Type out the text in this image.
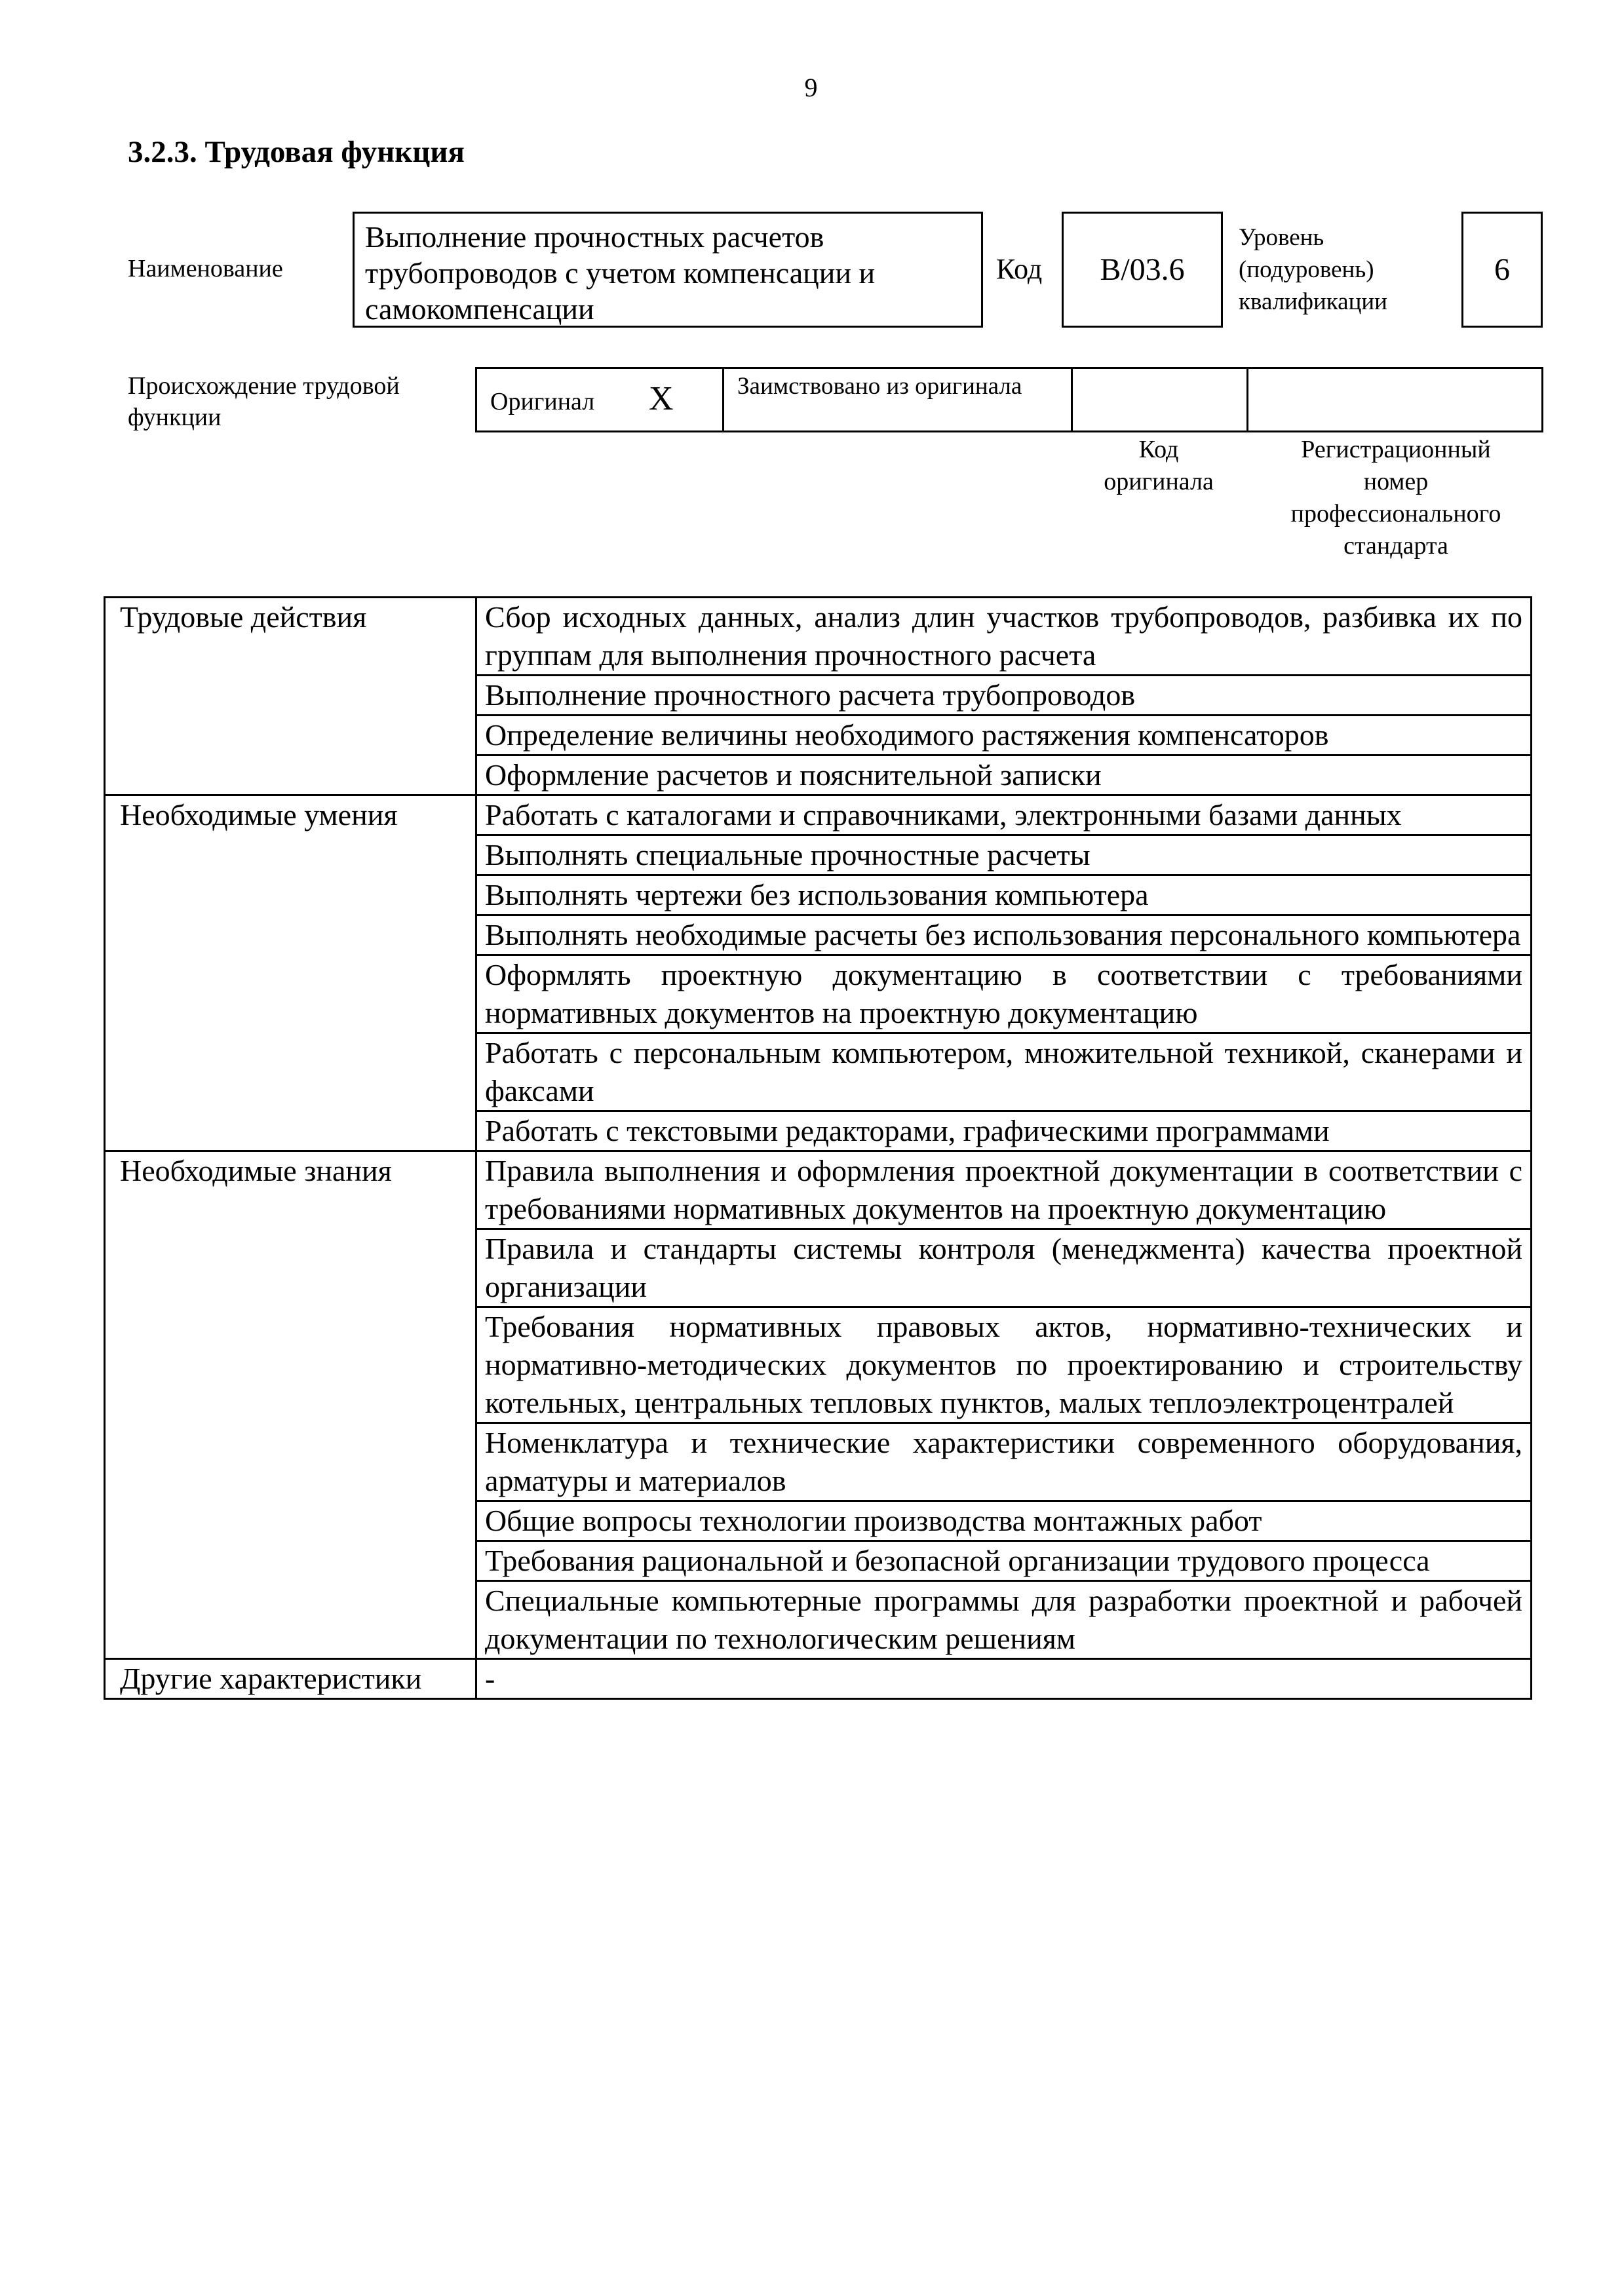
9
3.2.3. Трудовая функция
Наименование
Выполнение прочностных расчетов трубопроводов с учетом компенсации и самокомпенсации
Код	В/03.6
Уровень
(подуровень)
квалификации
6
Происхождение трудовой функции
Оригинал X	Заимствовано из оригинала
Код
оригинала
Регистрационный
номер
профессионального
стандарта
Трудовые действия	Сбор исходных данных, анализ длин участков трубопроводов, разбивка их по группам для выполнения прочностного расчета
	Выполнение прочностного расчета трубопроводов
	Определение величины необходимого растяжения компенсаторов
	Оформление расчетов и пояснительной записки
Необходимые умения	Работать с каталогами и справочниками, электронными базами данных
	Выполнять специальные прочностные расчеты
	Выполнять чертежи без использования компьютера
	Выполнять необходимые расчеты без использования персонального компьютера
	Оформлять проектную документацию в соответствии с требованиями нормативных документов на проектную документацию
	Работать с персональным компьютером, множительной техникой, сканерами и факсами
	Работать с текстовыми редакторами, графическими программами
Необходимые знания	Правила выполнения и оформления проектной документации в соответствии с требованиями нормативных документов на проектную документацию
	Правила и стандарты системы контроля (менеджмента) качества проектной организации
	Требования нормативных правовых актов, нормативно-технических и нормативно-методических документов по проектированию и строительству котельных, центральных тепловых пунктов, малых теплоэлектроцентралей
	Номенклатура и технические характеристики современного оборудования, арматуры и материалов
	Общие вопросы технологии производства монтажных работ
	Требования рациональной и безопасной организации трудового процесса
	Специальные компьютерные программы для разработки проектной и рабочей документации по технологическим решениям
Другие характеристики	-
